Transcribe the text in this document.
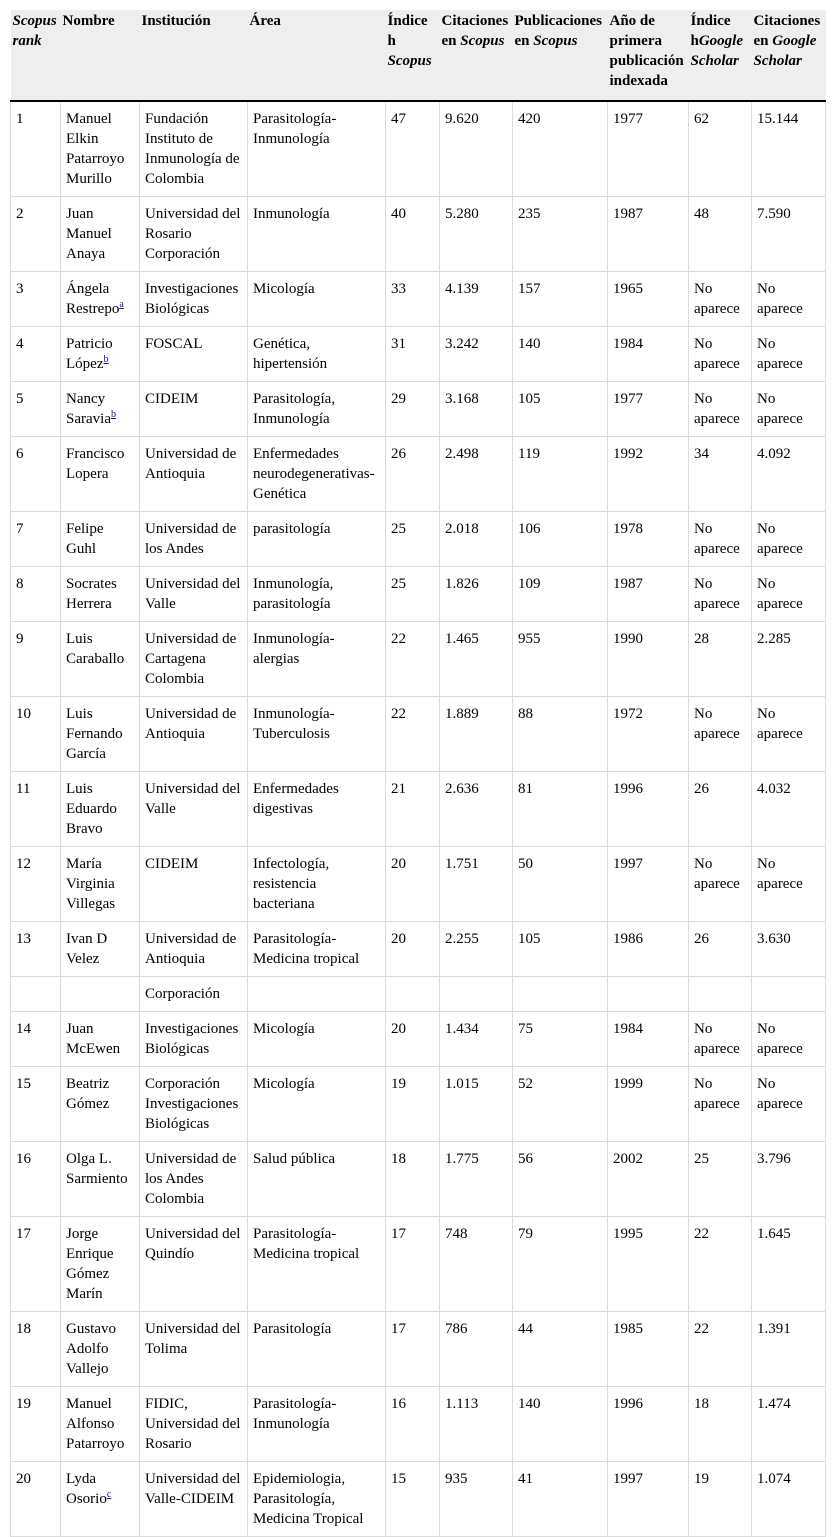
Scopus rank	Nombre	Institución	Área	Índice h Scopus	Citaciones en Scopus	Publicaciones en Scopus	Año de primera publicación indexada	Índice hGoogle Scholar	Citaciones en Google Scholar
1	Manuel Elkin Patarroyo Murillo	Fundación Instituto de Inmunología de Colombia	Parasitología-Inmunología	47	9.620	420	1977	62	15.144
2	Juan Manuel Anaya	Universidad del Rosario Corporación	Inmunología	40	5.280	235	1987	48	7.590
3	Ángela Restrepo$^a$	Investigaciones Biológicas	Micología	33	4.139	157	1965	No aparece	No aparece
4	Patricio López$^b$	FOSCAL	Genética, hipertensión	31	3.242	140	1984	No aparece	No aparece
5	Nancy Saravia$^b$	CIDEIM	Parasitología, Inmunología	29	3.168	105	1977	No aparece	No aparece
6	Francisco Lopera	Universidad de Antioquia	Enfermedades neurodegenerativas-Genética	26	2.498	119	1992	34	4.092
7	Felipe Guhl	Universidad de los Andes	parasitología	25	2.018	106	1978	No aparece	No aparece
8	Socrates Herrera	Universidad del Valle	Inmunología, parasitología	25	1.826	109	1987	No aparece	No aparece
9	Luis Caraballo	Universidad de Cartagena Colombia	Inmunología-alergias	22	1.465	955	1990	28	2.285
10	Luis Fernando García	Universidad de Antioquia	Inmunología-Tuberculosis	22	1.889	88	1972	No aparece	No aparece
11	Luis Eduardo Bravo	Universidad del Valle	Enfermedades digestivas	21	2.636	81	1996	26	4.032
12	María Virginia Villegas	CIDEIM	Infectología, resistencia bacteriana	20	1.751	50	1997	No aparece	No aparece
13	Ivan D Velez	Universidad de Antioquia	Parasitología-Medicina tropical	20	2.255	105	1986	26	3.630
		Corporación							
14	Juan McEwen	Investigaciones Biológicas	Micología	20	1.434	75	1984	No aparece	No aparece
15	Beatriz Gómez	Corporación Investigaciones Biológicas	Micología	19	1.015	52	1999	No aparece	No aparece
16	Olga L. Sarmiento	Universidad de los Andes Colombia	Salud pública	18	1.775	56	2002	25	3.796
17	Jorge Enrique Gómez Marín	Universidad del Quindío	Parasitología-Medicina tropical	17	748	79	1995	22	1.645
18	Gustavo Adolfo Vallejo	Universidad del Tolima	Parasitología	17	786	44	1985	22	1.391
19	Manuel Alfonso Patarroyo	FIDIC, Universidad del Rosario	Parasitología-Inmunología	16	1.113	140	1996	18	1.474
20	Lyda Osorio$^c$	Universidad del Valle-CIDEIM	Epidemiologia, Parasitología, Medicina Tropical	15	935	41	1997	19	1.074
